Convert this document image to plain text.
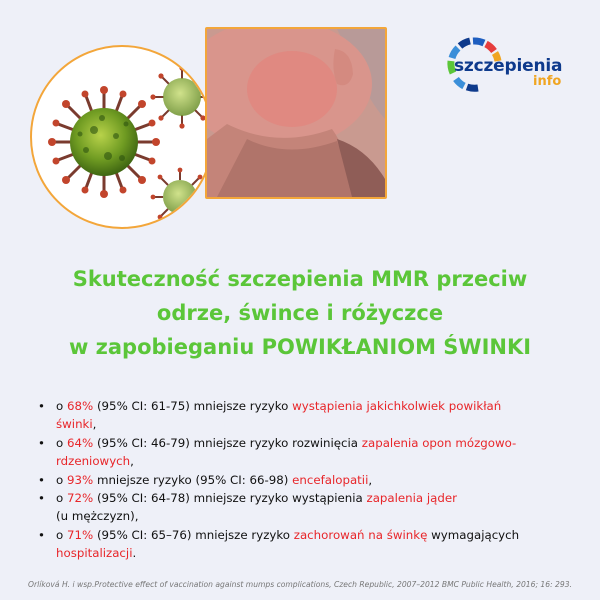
szczepienia
info
Skuteczność szczepienia MMR przeciw
odrze, śwince i różyczce
w zapobieganiu POWIKŁANIOM ŚWINKI
• o 68% (95% CI: 61-75) mniejsze ryzyko wystąpienia jakichkolwiek powikłań
świnki,
• o 64% (95% CI: 46-79) mniejsze ryzyko rozwinięcia zapalenia opon mózgowo-
rdzeniowych,
• o 93% mniejsze ryzyko (95% CI: 66-98) encefalopatii,
• o 72% (95% CI: 64-78) mniejsze ryzyko wystąpienia zapalenia jąder
(u mężczyzn),
• o 71% (95% CI: 65–76) mniejsze ryzyko zachorowań na świnkę wymagających
hospitalizacji.
Orlíková H. i wsp.Protective effect of vaccination against mumps complications, Czech Republic, 2007–2012 BMC Public Health, 2016; 16: 293.
